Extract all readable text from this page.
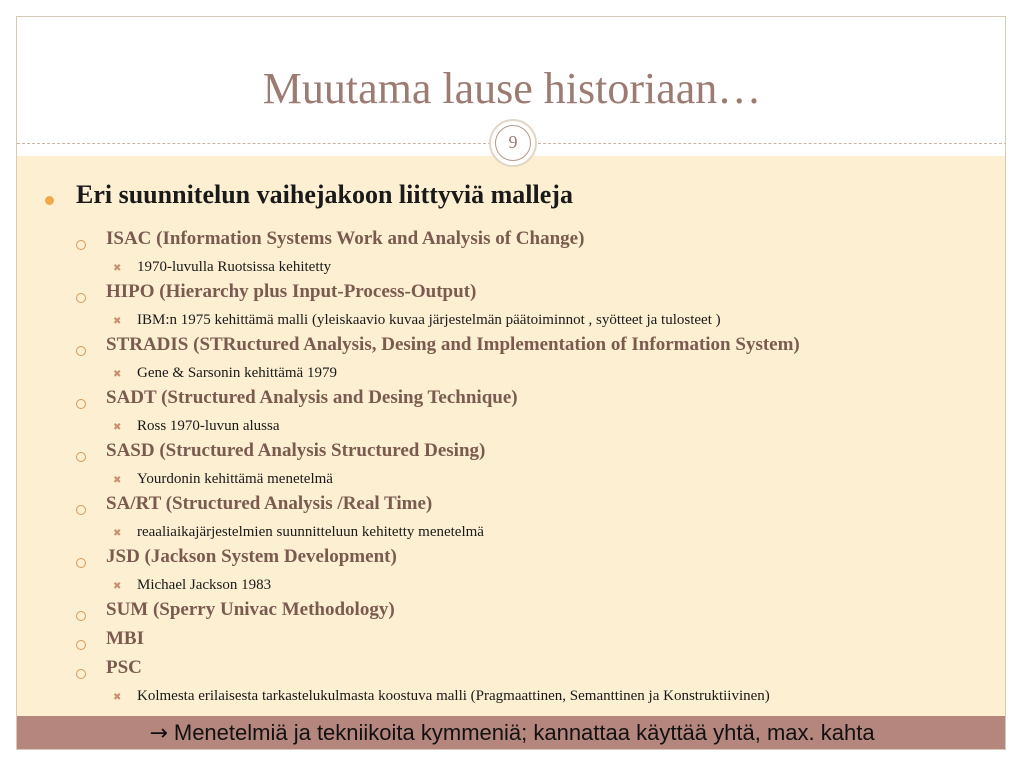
Muutama lause historiaan…
9
Eri suunnitelun vaihejakoon liittyviä malleja
ISAC (Information Systems Work and Analysis of Change)
✖ 1970-luvulla Ruotsissa kehitetty
HIPO (Hierarchy plus Input-Process-Output)
✖ IBM:n 1975 kehittämä malli (yleiskaavio kuvaa järjestelmän päätoiminnot , syötteet ja tulosteet )
STRADIS (STRuctured Analysis, Desing and Implementation of Information System)
✖ Gene & Sarsonin kehittämä 1979
SADT (Structured Analysis and Desing Technique)
✖ Ross 1970-luvun alussa
SASD (Structured Analysis Structured Desing)
✖ Yourdonin kehittämä menetelmä
SA/RT (Structured Analysis /Real Time)
✖ reaaliaikajärjestelmien suunnitteluun kehitetty menetelmä
JSD (Jackson System Development)
✖ Michael Jackson 1983
SUM (Sperry Univac Methodology)
MBI
PSC
✖ Kolmesta erilaisesta tarkastelukulmasta koostuva malli (Pragmaattinen, Semanttinen ja Konstruktiivinen)
→ Menetelmiä ja tekniikoita kymmeniä; kannattaa käyttää yhtä, max. kahta
